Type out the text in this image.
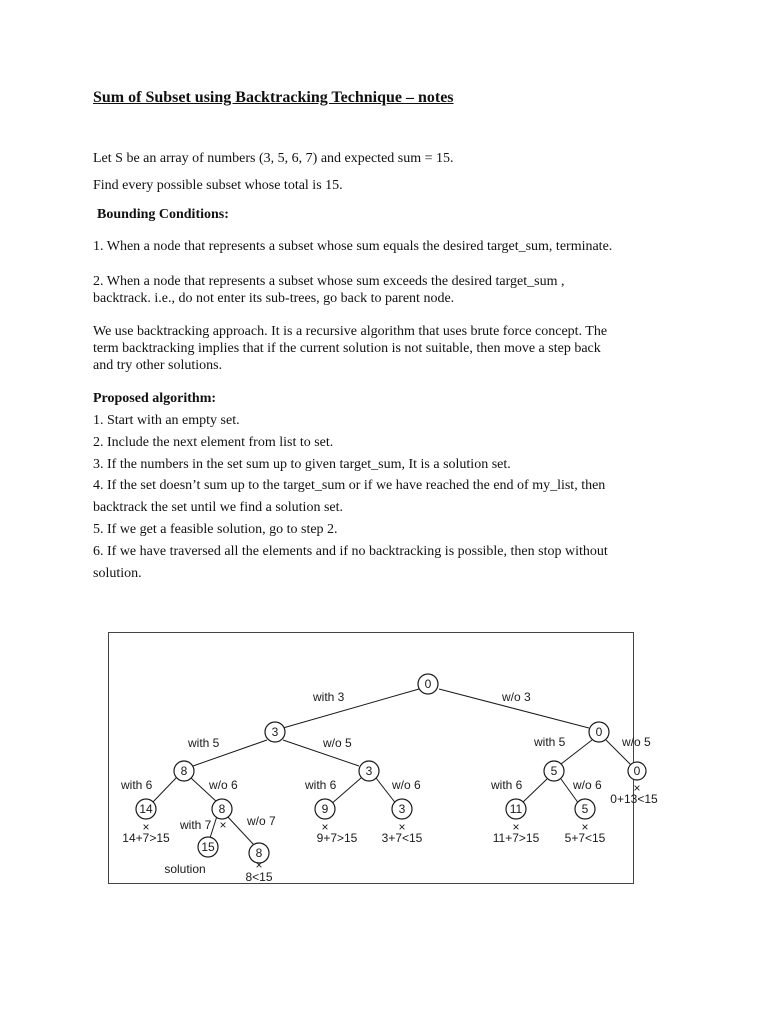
Sum of Subset using Backtracking Technique – notes
Let S be an array of numbers (3, 5, 6, 7) and expected sum = 15.
Find every possible subset whose total is 15.
Bounding Conditions:
1. When a node that represents a subset whose sum equals the desired target_sum, terminate.
2. When a node that represents a subset whose sum exceeds the desired target_sum ,
backtrack. i.e., do not enter its sub-trees, go back to parent node.
We use backtracking approach. It is a recursive algorithm that uses brute force concept. The
term backtracking implies that if the current solution is not suitable, then move a step back
and try other solutions.
Proposed algorithm:
1. Start with an empty set.
2. Include the next element from list to set.
3. If the numbers in the set sum up to given target_sum, It is a solution set.
4. If the set doesn’t sum up to the target_sum or if we have reached the end of my_list, then
backtrack the set until we find a solution set.
5. If we get a feasible solution, go to step 2.
6. If we have traversed all the elements and if no backtracking is possible, then stop without
solution.
0
3	0
8	3	5	0
14	8	9	3	11	5
15	8
with 3	w/o 3
with 5	w/o 5	with 5	w/o 5
with 6	w/o 6	with 6	w/o 6	with 6	w/o 6
with 7	w/o 7
×
×	×	×	×	×	×
×
0+13<15
14+7>15	9+7>15 3+7<15	11+7>15 5+7<15
solution
8<15
